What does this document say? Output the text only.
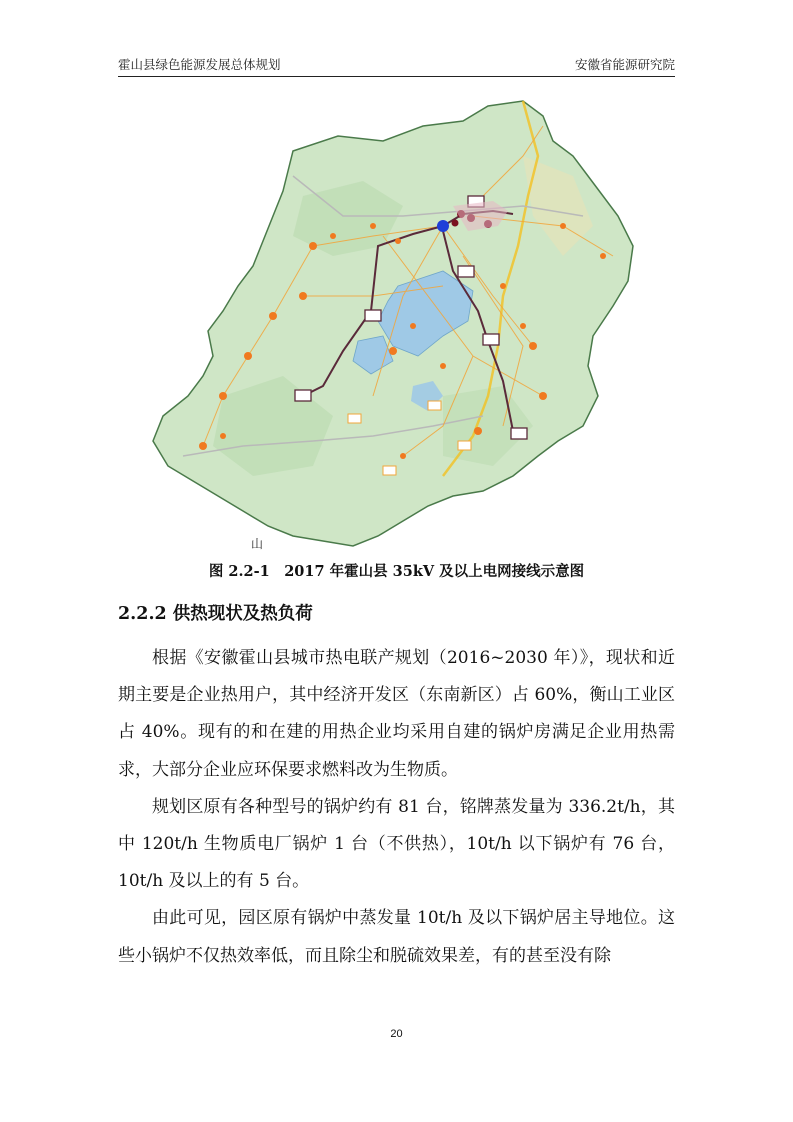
霍山县绿色能源发展总体规划	安徽省能源研究院
山
图 2.2-1　2017 年霍山县 35kV 及以上电网接线示意图
2.2.2 供热现状及热负荷

根据《安徽霍山县城市热电联产规划（2016~2030 年）》，现状和近期主要是企业热用户，其中经济开发区（东南新区）占 60%，衡山工业区占 40%。现有的和在建的用热企业均采用自建的锅炉房满足企业用热需求，大部分企业应环保要求燃料改为生物质。

规划区原有各种型号的锅炉约有 81 台，铭牌蒸发量为 336.2t/h，其中 120t/h 生物质电厂锅炉 1 台（不供热），10t/h 以下锅炉有 76 台，10t/h 及以上的有 5 台。

由此可见，园区原有锅炉中蒸发量 10t/h 及以下锅炉居主导地位。这些小锅炉不仅热效率低，而且除尘和脱硫效果差，有的甚至没有除

20
